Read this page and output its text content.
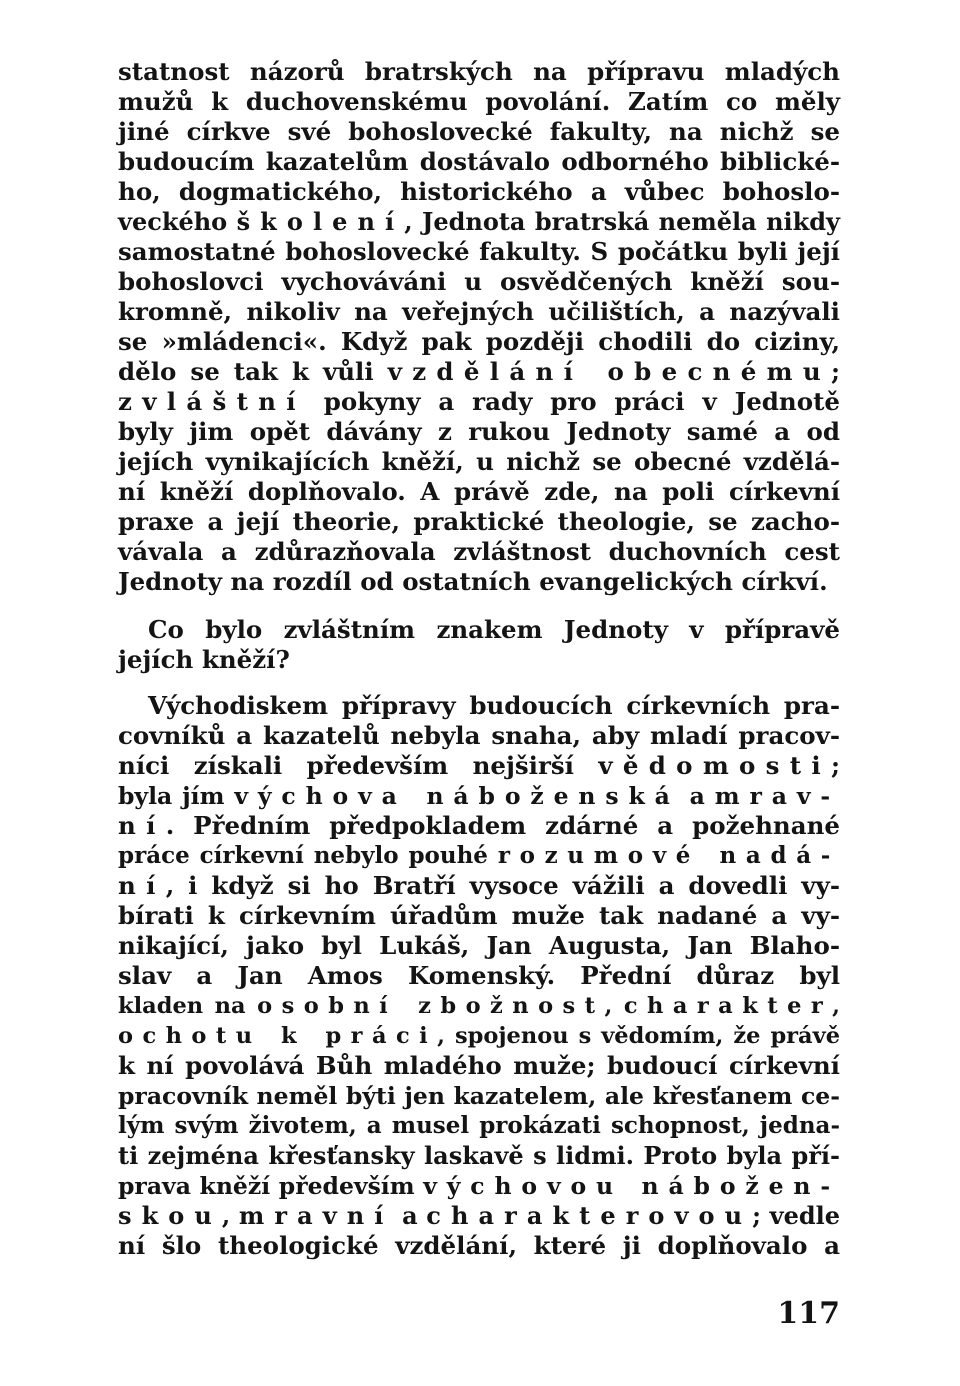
statnost názorů bratrských na přípravu mladých
mužů k duchovenskému povolání. Zatím co měly
jiné církve své bohoslovecké fakulty, na nichž se
budoucím kazatelům dostávalo odborného biblické-
ho, dogmatického, historického a vůbec bohoslo-
veckého školení, Jednota bratrská neměla nikdy
samostatné bohoslovecké fakulty. S počátku byli její
bohoslovci vychováváni u osvědčených kněží sou-
kromně, nikoliv na veřejných učilištích, a nazývali
se »mládenci«. Když pak později chodili do ciziny,
dělo se tak k vůli vzdělání obecnému;
zvláštní pokyny a rady pro práci v Jednotě
byly jim opět dávány z rukou Jednoty samé a od
jejích vynikajících kněží, u nichž se obecné vzdělá-
ní kněží doplňovalo. A právě zde, na poli církevní
praxe a její theorie, praktické theologie, se zacho-
vávala a zdůrazňovala zvláštnost duchovních cest
Jednoty na rozdíl od ostatních evangelických církví.
Co bylo zvláštním znakem Jednoty v přípravě
jejích kněží?
Východiskem přípravy budoucích církevních pra-
covníků a kazatelů nebyla snaha, aby mladí pracov-
níci získali především nejširší vědomosti;
byla jím výchova náboženská a mrav-
ní. Předním předpokladem zdárné a požehnané
práce církevní nebylo pouhé rozumové nadá-
ní, i když si ho Bratří vysoce vážili a dovedli vy-
bírati k církevním úřadům muže tak nadané a vy-
nikající, jako byl Lukáš, Jan Augusta, Jan Blaho-
slav a Jan Amos Komenský. Přední důraz byl
kladen na osobní zbožnost, charakter,
ochotu k práci, spojenou s vědomím, že právě
k ní povolává Bůh mladého muže; budoucí církevní
pracovník neměl býti jen kazatelem, ale křesťanem ce-
lým svým životem, a musel prokázati schopnost, jedna-
ti zejména křesťansky laskavě s lidmi. Proto byla pří-
prava kněží především výchovou nábožen-
skou, mravní a charakterovou; vedle
ní šlo theologické vzdělání, které ji doplňovalo a
117
